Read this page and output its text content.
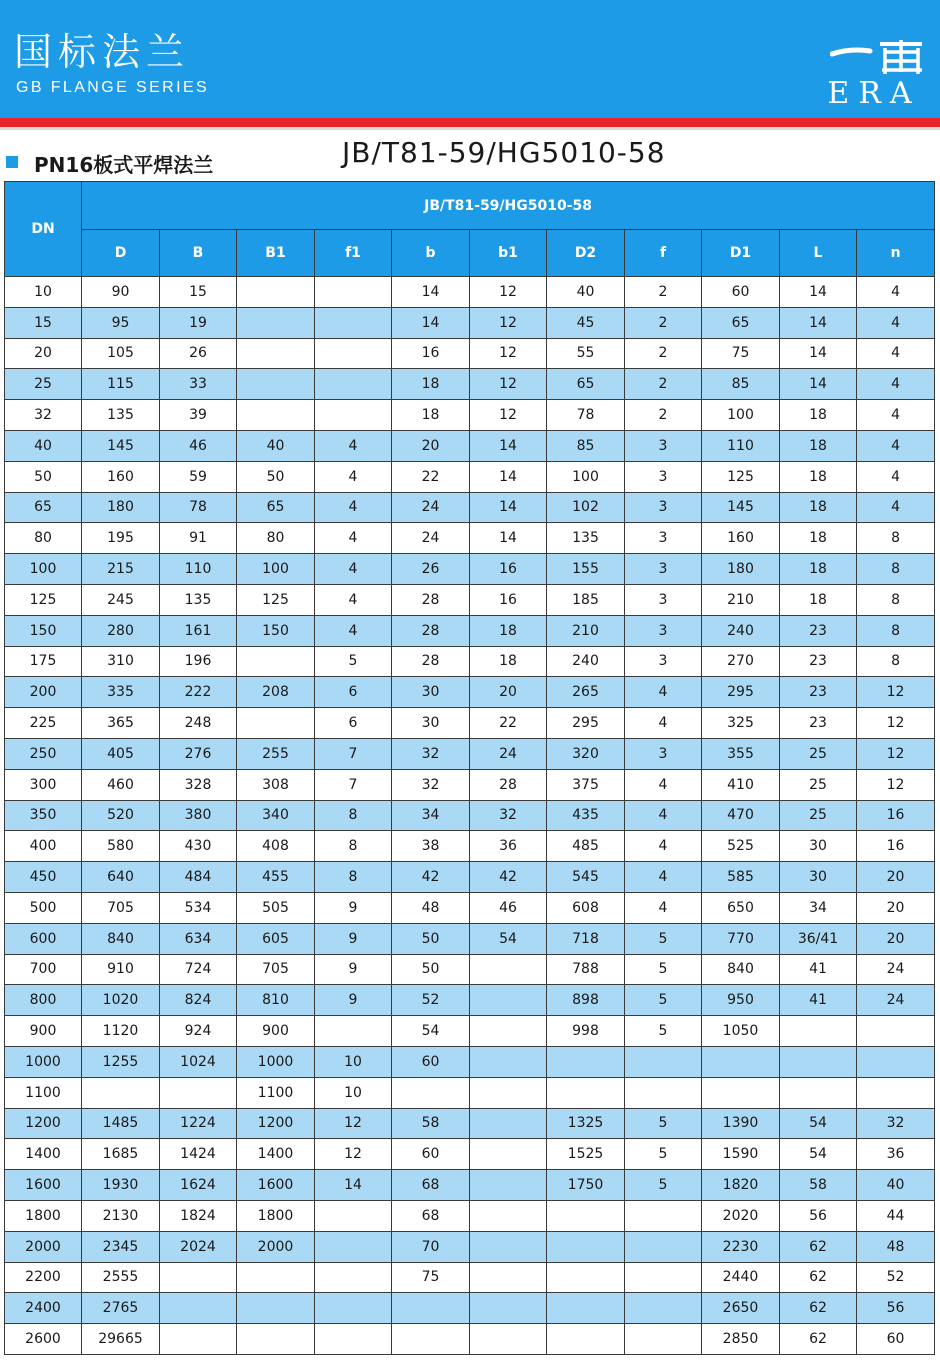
国标法兰
GB FLANGE SERIES	ERA
PN16板式平焊法兰	JB/T81-59/HG5010-58
DN	JB/T81-59/HG5010-58										
	D	B	B1	f1	b	b1	D2	f	D1	L	n
10	90	15			14	12	40	2	60	14	4
15	95	19			14	12	45	2	65	14	4
20	105	26			16	12	55	2	75	14	4
25	115	33			18	12	65	2	85	14	4
32	135	39			18	12	78	2	100	18	4
40	145	46	40	4	20	14	85	3	110	18	4
50	160	59	50	4	22	14	100	3	125	18	4
65	180	78	65	4	24	14	102	3	145	18	4
80	195	91	80	4	24	14	135	3	160	18	8
100	215	110	100	4	26	16	155	3	180	18	8
125	245	135	125	4	28	16	185	3	210	18	8
150	280	161	150	4	28	18	210	3	240	23	8
175	310	196		5	28	18	240	3	270	23	8
200	335	222	208	6	30	20	265	4	295	23	12
225	365	248		6	30	22	295	4	325	23	12
250	405	276	255	7	32	24	320	3	355	25	12
300	460	328	308	7	32	28	375	4	410	25	12
350	520	380	340	8	34	32	435	4	470	25	16
400	580	430	408	8	38	36	485	4	525	30	16
450	640	484	455	8	42	42	545	4	585	30	20
500	705	534	505	9	48	46	608	4	650	34	20
600	840	634	605	9	50	54	718	5	770	36/41	20
700	910	724	705	9	50		788	5	840	41	24
800	1020	824	810	9	52		898	5	950	41	24
900	1120	924	900		54		998	5	1050		
1000	1255	1024	1000	10	60						
1100			1100	10							
1200	1485	1224	1200	12	58		1325	5	1390	54	32
1400	1685	1424	1400	12	60		1525	5	1590	54	36
1600	1930	1624	1600	14	68		1750	5	1820	58	40
1800	2130	1824	1800		68				2020	56	44
2000	2345	2024	2000		70				2230	62	48
2200	2555				75				2440	62	52
2400	2765								2650	62	56
2600	29665								2850	62	60
